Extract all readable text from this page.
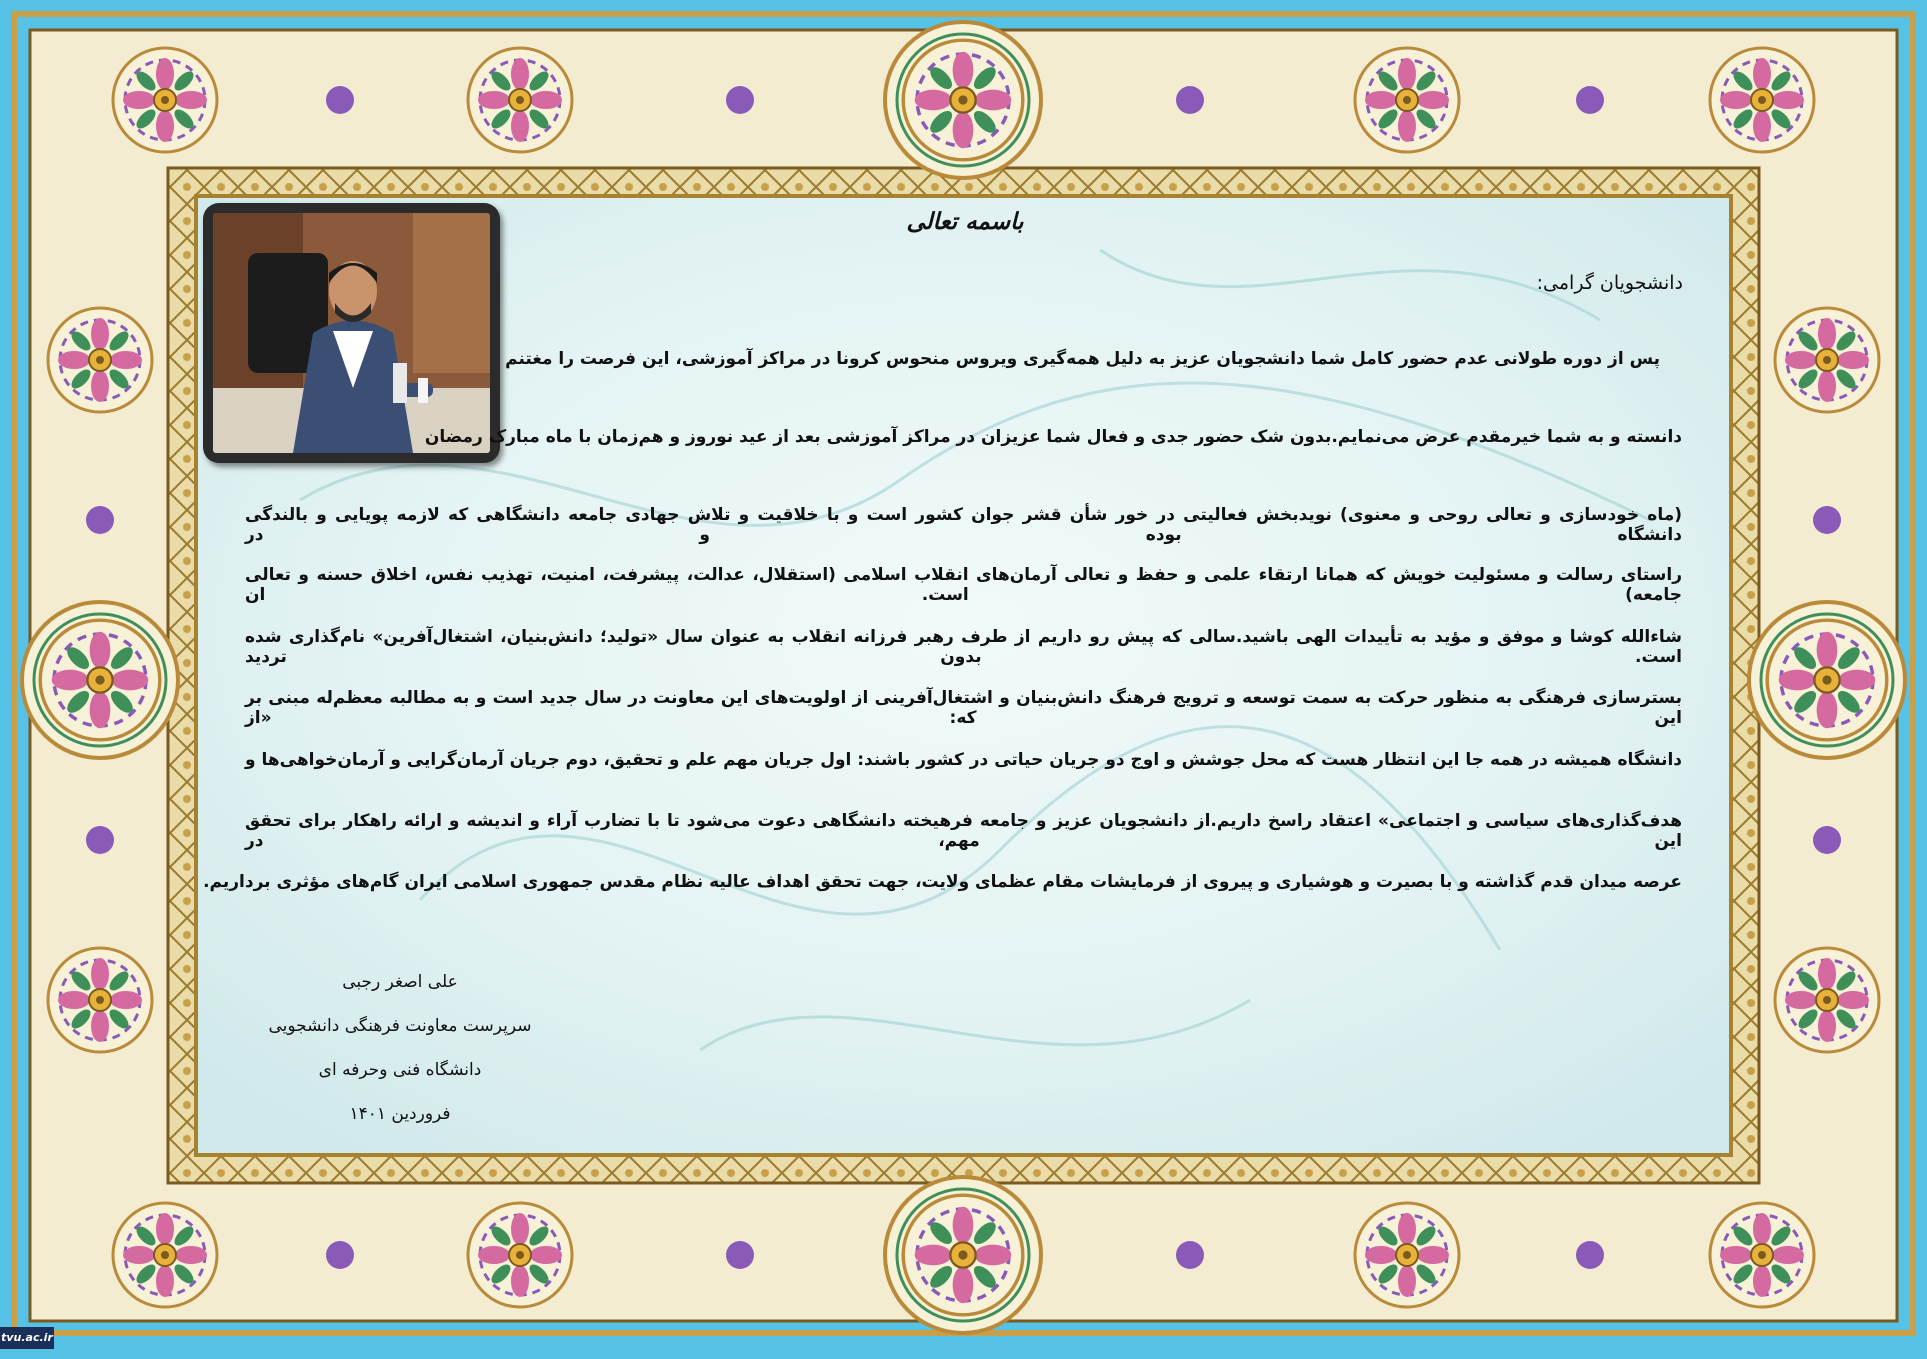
باسمه تعالی
دانشجویان گرامی:
پس از دوره طولانی عدم حضور کامل شما دانشجویان عزیز به دلیل همه‌گیری ویروس منحوس کرونا در مراکز آموزشی، این فرصت را مغتنم
دانسته و به شما خیرمقدم عرض می‌نمایم.بدون شک حضور جدی و فعال شما عزیزان در مراکز آموزشی بعد از عید نوروز و هم‌زمان با ماه مبارک رمضان
(ماه خودسازی و تعالی روحی و معنوی) نویدبخش فعالیتی در خور شأن قشر جوان کشور است و با خلاقیت و تلاش جهادی جامعه دانشگاهی که لازمه پویایی و بالندگی دانشگاه بوده و در
راستای رسالت و مسئولیت خویش که همانا ارتقاء علمی و حفظ و تعالی آرمان‌های انقلاب اسلامی (استقلال، عدالت، پیشرفت، امنیت، تهذیب نفس، اخلاق حسنه و تعالی جامعه) است. ان
شاءالله کوشا و موفق و مؤید به تأییدات الهی باشید.سالی که پیش رو داریم از طرف رهبر فرزانه انقلاب به عنوان سال «تولید؛ دانش‌بنیان، اشتغال‌آفرین» نام‌گذاری شده است. بدون تردید
بسترسازی فرهنگی به منظور حرکت به سمت توسعه و ترویج فرهنگ دانش‌بنیان و اشتغال‌آفرینی از اولویت‌های این معاونت در سال جدید است و به مطالبه معظم‌له مبنی بر این که: «از
دانشگاه همیشه در همه جا این انتظار هست که محل جوشش و اوج دو جریان حیاتی در کشور باشند: اول جریان مهم علم و تحقیق، دوم جریان آرمان‌گرایی و آرمان‌خواهی‌ها و
هدف‌گذاری‌های سیاسی و اجتماعی» اعتقاد راسخ داریم.از دانشجویان عزیز و جامعه فرهیخته دانشگاهی دعوت می‌شود تا با تضارب آراء و اندیشه و ارائه راهکار برای تحقق این مهم، در
عرصه میدان قدم گذاشته و با بصیرت و هوشیاری و پیروی از فرمایشات مقام عظمای ولایت، جهت تحقق اهداف عالیه نظام مقدس جمهوری اسلامی ایران گام‌های مؤثری برداریم.
علی اصغر رجبی
سرپرست معاونت فرهنگی دانشجویی
دانشگاه فنی وحرفه ای
فروردین ۱۴۰۱
tvu.ac.ir
